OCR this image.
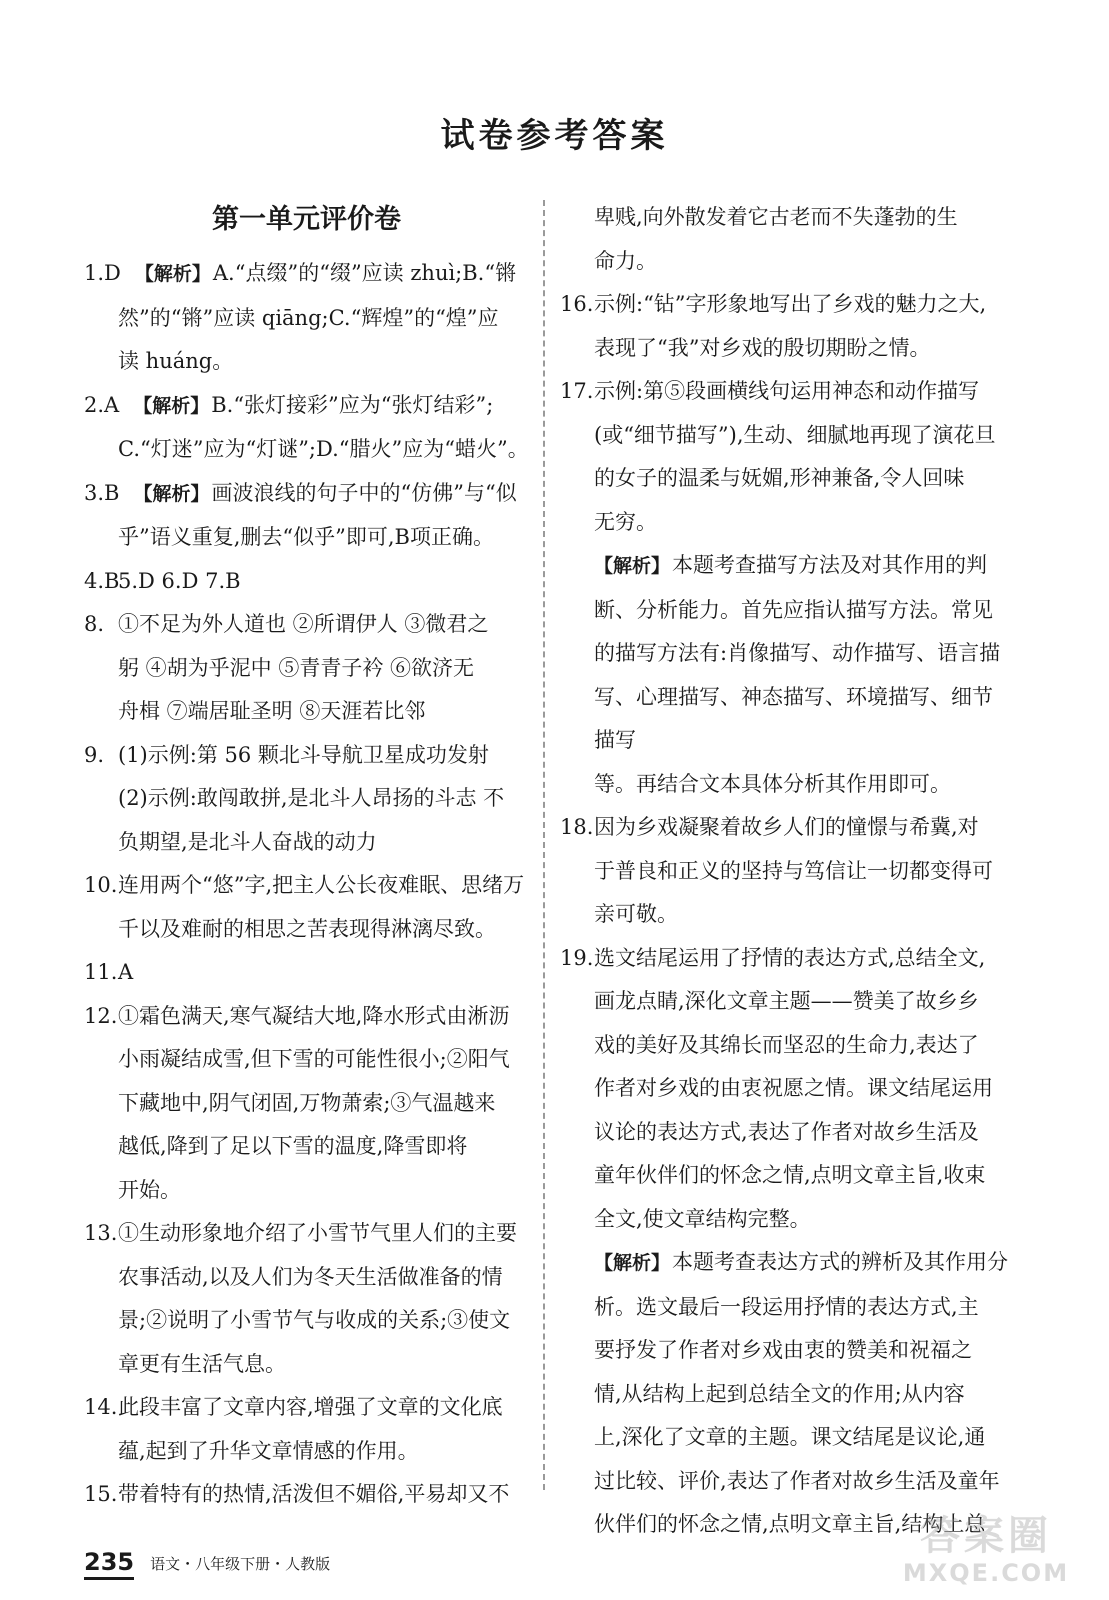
试卷参考答案
第一单元评价卷
1.D 【解析】A.“点缀”的“缀”应读 zhuì;B.“锵
然”的“锵”应读 qiāng;C.“辉煌”的“煌”应
读 huáng。
2.A 【解析】B.“张灯接彩”应为“张灯结彩”;
C.“灯迷”应为“灯谜”;D.“腊火”应为“蜡火”。
3.B 【解析】画波浪线的句子中的“仿佛”与“似
乎”语义重复,删去“似乎”即可,B项正确。
4.B
5.D 6.D 7.B
8. ①不足为外人道也 ②所谓伊人 ③微君之
躬 ④胡为乎泥中 ⑤青青子衿 ⑥欲济无
舟楫 ⑦端居耻圣明 ⑧天涯若比邻
9. (1)示例:第 56 颗北斗导航卫星成功发射
(2)示例:敢闯敢拼,是北斗人昂扬的斗志 不
负期望,是北斗人奋战的动力
10. 连用两个“悠”字,把主人公长夜难眠、思绪万
千以及难耐的相思之苦表现得淋漓尽致。
11. A
12. ①霜色满天,寒气凝结大地,降水形式由淅沥
小雨凝结成雪,但下雪的可能性很小;②阳气
下藏地中,阴气闭固,万物萧索;③气温越来
越低,降到了足以下雪的温度,降雪即将
开始。
13. ①生动形象地介绍了小雪节气里人们的主要
农事活动,以及人们为冬天生活做准备的情
景;②说明了小雪节气与收成的关系;③使文
章更有生活气息。
14. 此段丰富了文章内容,增强了文章的文化底
蕴,起到了升华文章情感的作用。
15. 带着特有的热情,活泼但不媚俗,平易却又不
卑贱,向外散发着它古老而不失蓬勃的生
命力。
16. 示例:“钻”字形象地写出了乡戏的魅力之大,
表现了“我”对乡戏的殷切期盼之情。
17. 示例:第⑤段画横线句运用神态和动作描写
(或“细节描写”),生动、细腻地再现了演花旦
的女子的温柔与妩媚,形神兼备,令人回味
无穷。
【解析】本题考查描写方法及对其作用的判
断、分析能力。首先应指认描写方法。常见
的描写方法有:肖像描写、动作描写、语言描
写、心理描写、神态描写、环境描写、细节描写
等。再结合文本具体分析其作用即可。
18. 因为乡戏凝聚着故乡人们的憧憬与希冀,对
于普良和正义的坚持与笃信让一切都变得可
亲可敬。
19. 选文结尾运用了抒情的表达方式,总结全文,
画龙点睛,深化文章主题——赞美了故乡乡
戏的美好及其绵长而坚忍的生命力,表达了
作者对乡戏的由衷祝愿之情。课文结尾运用
议论的表达方式,表达了作者对故乡生活及
童年伙伴们的怀念之情,点明文章主旨,收束
全文,使文章结构完整。
【解析】本题考查表达方式的辨析及其作用分
析。选文最后一段运用抒情的表达方式,主
要抒发了作者对乡戏由衷的赞美和祝福之
情,从结构上起到总结全文的作用;从内容
上,深化了文章的主题。课文结尾是议论,通
过比较、评价,表达了作者对故乡生活及童年
伙伴们的怀念之情,点明文章主旨,结构上总
235 语文・八年级下册・人教版
答案圈
MXQE.COM
